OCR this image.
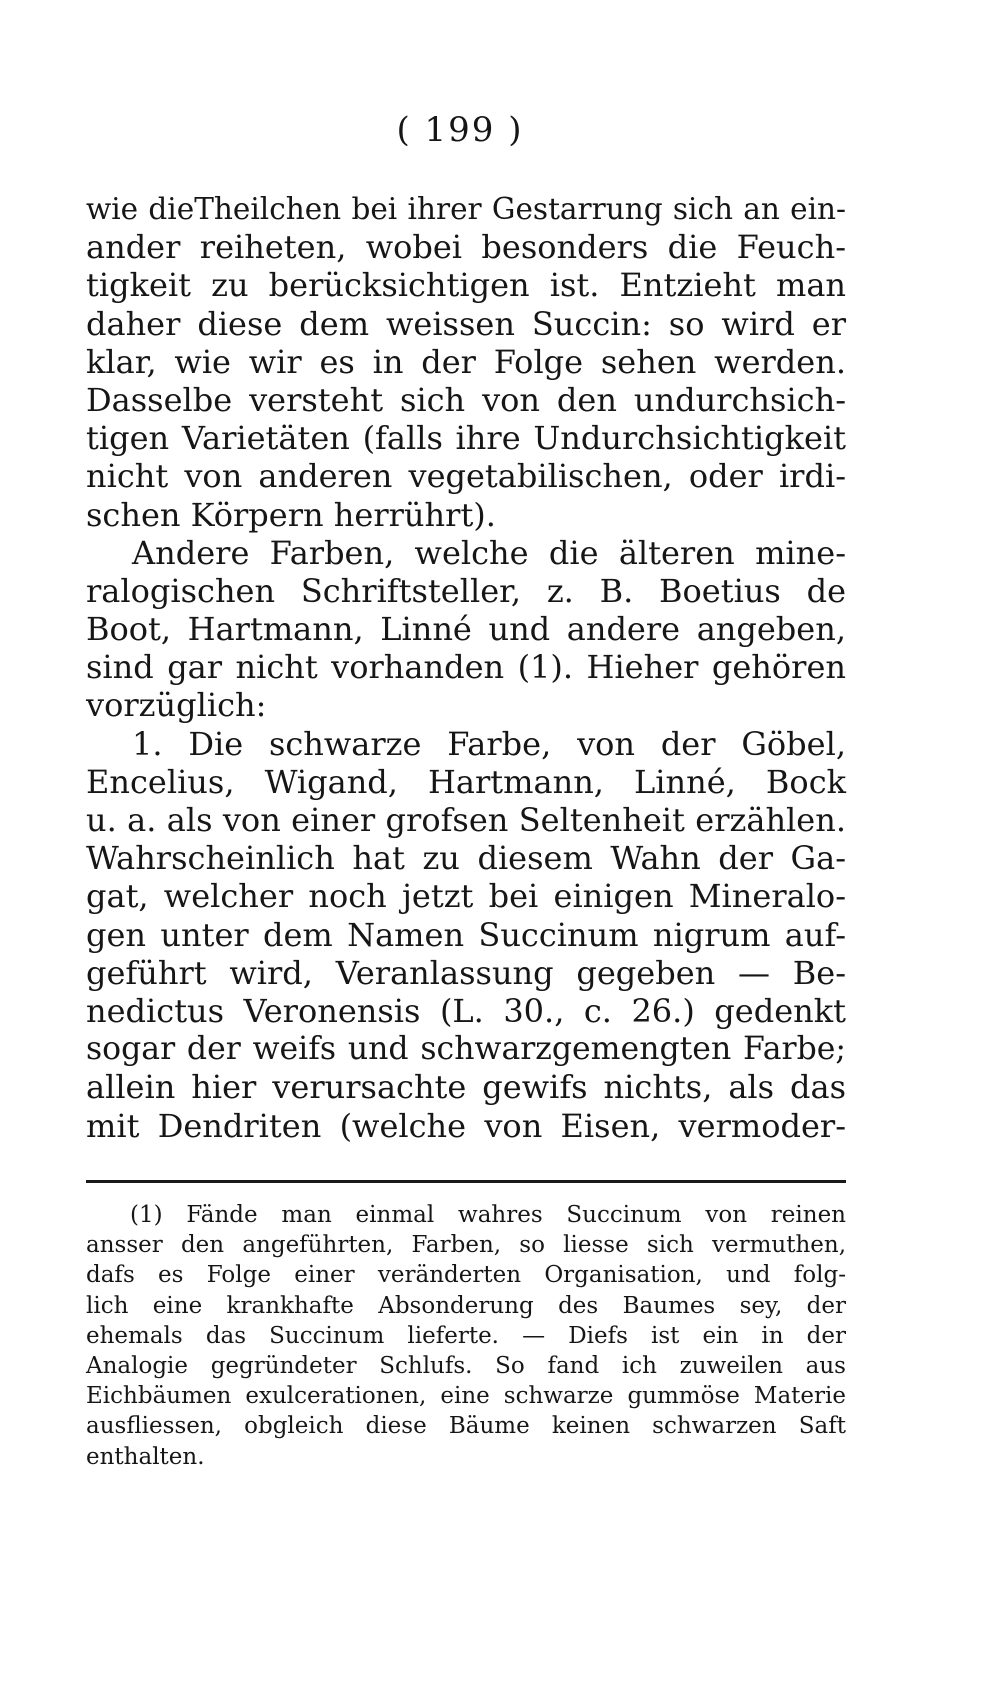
( 199 )
wie dieTheilchen bei ihrer Gestarrung sich an ein-
ander reiheten, wobei besonders die Feuch-
tigkeit zu berücksichtigen ist. Entzieht man
daher diese dem weissen Succin: so wird er
klar, wie wir es in der Folge sehen werden.
Dasselbe versteht sich von den undurchsich-
tigen Varietäten (falls ihre Undurchsichtigkeit
nicht von anderen vegetabilischen, oder irdi-
schen Körpern herrührt).
Andere Farben, welche die älteren mine-
ralogischen Schriftsteller, z. B. Boetius de
Boot, Hartmann, Linné und andere angeben,
sind gar nicht vorhanden (1). Hieher gehören
vorzüglich:
1. Die schwarze Farbe, von der Göbel,
Encelius, Wigand, Hartmann, Linné, Bock
u. a. als von einer grofsen Seltenheit erzählen.
Wahrscheinlich hat zu diesem Wahn der Ga-
gat, welcher noch jetzt bei einigen Mineralo-
gen unter dem Namen Succinum nigrum auf-
geführt wird, Veranlassung gegeben — Be-
nedictus Veronensis (L. 30., c. 26.) gedenkt
sogar der weifs und schwarzgemengten Farbe;
allein hier verursachte gewifs nichts, als das
mit Dendriten (welche von Eisen, vermoder-
(1) Fände man einmal wahres Succinum von reinen
ansser den angeführten, Farben, so liesse sich vermuthen,
dafs es Folge einer veränderten Organisation, und folg-
lich eine krankhafte Absonderung des Baumes sey, der
ehemals das Succinum lieferte. — Diefs ist ein in der
Analogie gegründeter Schlufs. So fand ich zuweilen aus
Eichbäumen exulcerationen, eine schwarze gummöse Materie
ausfliessen, obgleich diese Bäume keinen schwarzen Saft
enthalten.
